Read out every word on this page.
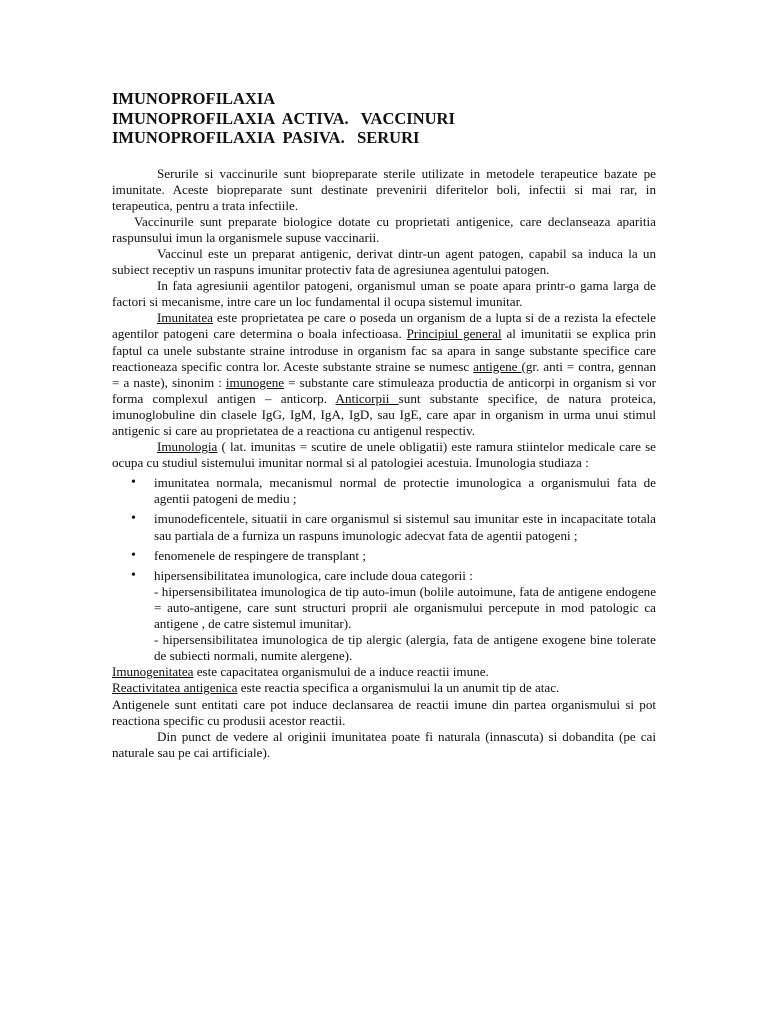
IMUNOPROFILAXIA
IMUNOPROFILAXIA  ACTIVA.   VACCINURI
IMUNOPROFILAXIA  PASIVA.   SERURI

Serurile si vaccinurile sunt biopreparate sterile utilizate in metodele terapeutice bazate pe imunitate. Aceste biopreparate sunt destinate prevenirii diferitelor boli, infectii si mai rar, in terapeutica, pentru a trata infectiile.

Vaccinurile sunt preparate biologice dotate cu proprietati antigenice, care declanseaza aparitia raspunsului imun la organismele supuse vaccinarii.

Vaccinul este un preparat antigenic, derivat dintr-un agent patogen, capabil sa induca la un subiect receptiv un raspuns imunitar protectiv fata de agresiunea agentului patogen.

In fata agresiunii agentilor patogeni, organismul uman se poate apara printr-o gama larga de factori si mecanisme, intre care un loc fundamental il ocupa sistemul imunitar.

Imunitatea este proprietatea pe care o poseda un organism de a lupta si de a rezista la efectele agentilor patogeni care determina o boala infectioasa. Principiul general al imunitatii se explica prin faptul ca unele substante straine introduse in organism fac sa apara in sange substante specifice care reactioneaza specific contra lor. Aceste substante straine se numesc antigene (gr. anti = contra, gennan = a naste), sinonim : imunogene = substante care stimuleaza productia de anticorpi in organism si vor forma complexul antigen – anticorp. Anticorpii sunt substante specifice, de natura proteica, imunoglobuline din clasele IgG, IgM, IgA, IgD, sau IgE, care apar in organism in urma unui stimul antigenic si care au proprietatea de a reactiona cu antigenul respectiv.

Imunologia ( lat. imunitas = scutire de unele obligatii) este ramura stiintelor medicale care se ocupa cu studiul sistemului imunitar normal si al patologiei acestuia. Imunologia studiaza :

• imunitatea normala, mecanismul normal de protectie imunologica a organismului fata de agentii patogeni de mediu ;
• imunodeficentele, situatii in care organismul si sistemul sau imunitar este in incapacitate totala sau partiala de a furniza un raspuns imunologic adecvat fata de agentii patogeni ;
• fenomenele de respingere de transplant ;
• hipersensibilitatea imunologica, care include doua categorii :
- hipersensibilitatea imunologica de tip auto-imun (bolile autoimune, fata de antigene endogene = auto-antigene, care sunt structuri proprii ale organismului percepute in mod patologic ca antigene , de catre sistemul imunitar).
- hipersensibilitatea imunologica de tip alergic (alergia, fata de antigene exogene bine tolerate de subiecti normali, numite alergene).

Imunogenitatea este capacitatea organismului de a induce reactii imune.

Reactivitatea antigenica este reactia specifica a organismului la un anumit tip de atac.

Antigenele sunt entitati care pot induce declansarea de reactii imune din partea organismului si pot reactiona specific cu produsii acestor reactii.

Din punct de vedere al originii imunitatea poate fi naturala (innascuta) si dobandita (pe cai naturale sau pe cai artificiale).
